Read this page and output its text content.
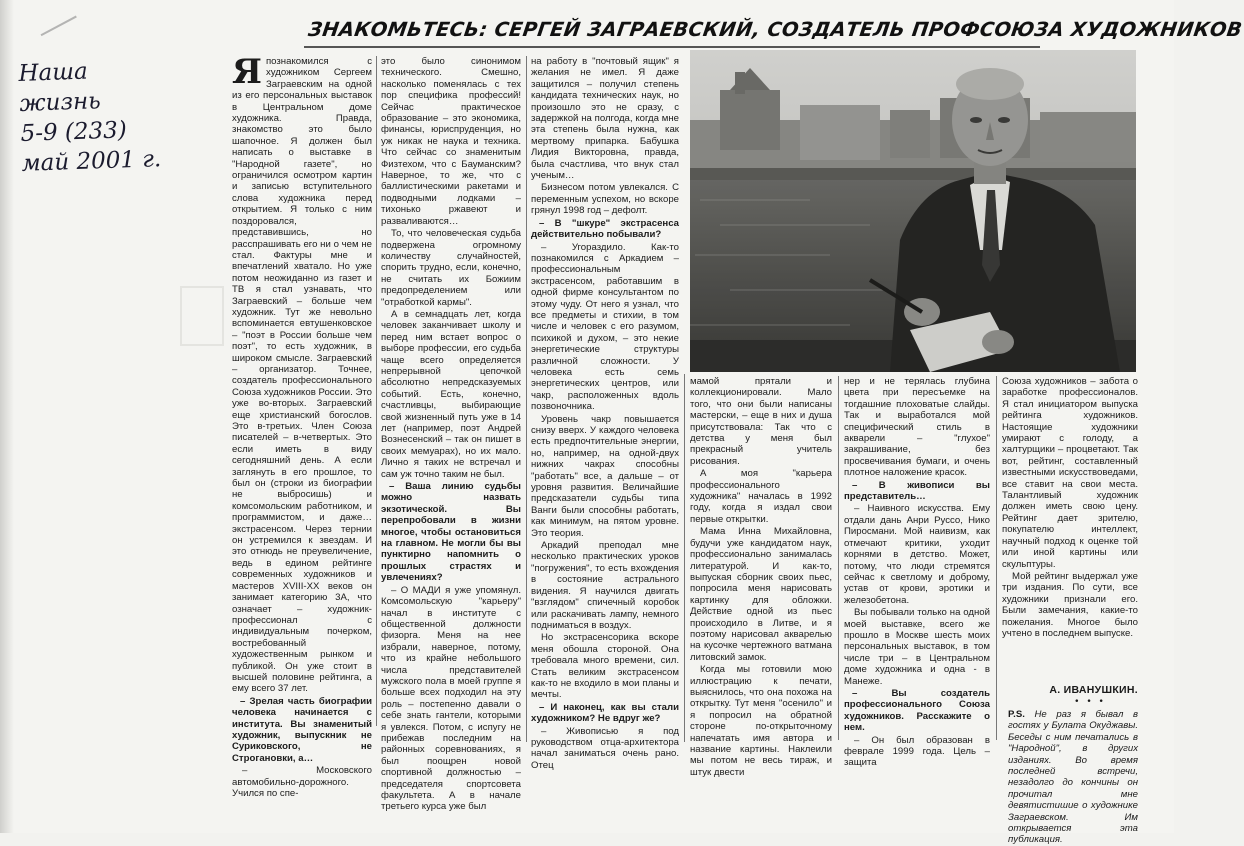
ЗНАКОМЬТЕСЬ: СЕРГЕЙ ЗАГРАЕВСКИЙ, СОЗДАТЕЛЬ ПРОФСОЮЗА ХУДОЖНИКОВ
Наша
жизнь
5-9 (233)
май 2001 г.

Япознакомился с художником Сергеем Заграевским на одной из его персональных выставок в Центральном доме художника. Правда, знакомство это было шапочное. Я должен был написать о выставке в "Народной газете", но ограничился осмотром картин и записью вступительного слова художника перед открытием. Я только с ним поздоровался, представившись, но расспрашивать его ни о чем не стал. Фактуры мне и впечатлений хватало. Но уже потом неожиданно из газет и ТВ я стал узнавать, что Заграевский – больше чем художник. Тут же невольно вспоминается евтушенковское – "поэт в России больше чем поэт", то есть художник, в широком смысле. Заграевский – организатор. Точнее, создатель профессионального Союза художников России. Это уже во-вторых. Заграевский еще христианский богослов. Это в-третьих. Член Союза писателей – в-четвертых. Это если иметь в виду сегодняшний день. А если заглянуть в его прошлое, то был он (строки из биографии не выбросишь) и комсомольским работником, и программистом, и даже… экстрасенсом. Через тернии он устремился к звездам. И это отнюдь не преувеличение, ведь в едином рейтинге современных художников и мастеров XVIII-XX веков он занимает категорию 3А, что означает – художник-профессионал с индивидуальным почерком, востребованный художественным рынком и публикой. Он уже стоит в высшей половине рейтинга, а ему всего 37 лет.

– Зрелая часть биографии человека начинается с института. Вы знаменитый художник, выпускник не Суриковского, не Строгановки, а…

– Московского автомобильно-дорожного. Учился по спе-

это было синонимом технического. Смешно, насколько поменялась с тех пор специфика профессий! Сейчас практическое образование – это экономика, финансы, юриспруденция, но уж никак не наука и техника. Что сейчас со знаменитым Физтехом, что с Бауманским? Наверное, то же, что с баллистическими ракетами и подводными лодками – тихонько ржавеют и разваливаются…

То, что человеческая судьба подвержена огромному количеству случайностей, спорить трудно, если, конечно, не считать их Божиим предопределением или "отработкой кармы".

А в семнадцать лет, когда человек заканчивает школу и перед ним встает вопрос о выборе профессии, его судьба чаще всего определяется непрерывной цепочкой абсолютно непредсказуемых событий. Есть, конечно, счастливцы, выбирающие свой жизненный путь уже в 14 лет (например, поэт Андрей Вознесенский – так он пишет в своих мемуарах), но их мало. Лично я таких не встречал и сам уж точно таким не был.

– Ваша линию судьбы можно назвать экзотической. Вы перепробовали в жизни многое, чтобы остановиться на главном. Не могли бы вы пунктирно напомнить о прошлых страстях и увлечениях?

– О МАДИ я уже упомянул. Комсомольскую "карьеру" начал в институте с общественной должности физорга. Меня на нее избрали, наверное, потому, что из крайне небольшого числа представителей мужского пола в моей группе я больше всех подходил на эту роль – постепенно давали о себе знать гантели, которыми я увлекся. Потом, с иcпугу не прибежав последним на районных соревнованиях, я был поощрен новой спортивной должностью – председателя спортсовета факультета. А в начале третьего курса уже был

на работу в "почтовый ящик" я желания не имел. Я даже защитился – получил степень кандидата технических наук, но произошло это не сразу, с задержкой на полгода, когда мне эта степень была нужна, как мертвому припарка. Бабушка Лидия Викторовна, правда, была счастлива, что внук стал ученым…

Бизнесом потом увлекался. С переменным успехом, но вскоре грянул 1998 год – дефолт.

– В "шкуре" экстрасенса действительно побывали?

– Угораздило. Как-то познакомился с Аркадием – профессиональным экстрасенсом, работавшим в одной фирме консультантом по этому чуду. От него я узнал, что все предметы и стихии, в том числе и человек с его разумом, психикой и духом, – это некие энергетические структуры различной сложности. У человека есть семь энергетических центров, или чакр, расположенных вдоль позвоночника.

Уровень чакр повышается снизу вверх. У каждого человека есть предпочтительные энергии, но, например, на одной-двух нижних чакрах способны "работать" все, а дальше – от уровня развития. Величайшие предсказатели судьбы типа Ванги были способны работать, как минимум, на пятом уровне. Это теория.

Аркадий преподал мне несколько практических уроков "погружения", то есть вхождения в состояние астрального видения. Я научился двигать "взглядом" спичечный коробок или раскачивать лампу, немного подниматься в воздух.

Но экстрасенсорика вскоре меня обошла стороной. Она требовала много времени, сил. Стать великим экстрасенсом как-то не входило в мои планы и мечты.

– И наконец, как вы стали художником? Не вдруг же?

– Живописью я под руководством отца-архитектора начал заниматься очень рано. Отец

мамой прятали и коллекционировали. Мало того, что они были написаны мастерски, – еще в них и душа присутствовала: Так что с детства у меня был прекрасный учитель рисования.

А моя "карьера профессионального художника" началась в 1992 году, когда я издал свои первые открытки.

Мама Инна Михайловна, будучи уже кандидатом наук, профессионально занималась литературой. И как-то, выпуская сборник своих пьес, попросила меня нарисовать картинку для обложки. Действие одной из пьес происходило в Литве, и я поэтому нарисовал акварелью на кусочке чертежного ватмана литовский замок.

Когда мы готовили мою иллюстрацию к печати, выяснилось, что она похожа на открытку. Тут меня "осенило" и я попросил на обратной стороне по-открыточному напечатать имя автора и название картины. Наклеили мы потом не весь тираж, и штук двести

нер и не терялась глубина цвета при пересъемке на тогдашние плоховатые слайды. Так и выработался мой специфический стиль в акварели – "глухое" закрашивание, без просвечивания бумаги, и очень плотное наложение красок.

– В живописи вы представитель…

– Наивного искусства. Ему отдали дань Анри Руссо, Нико Пиросмани. Мой наивизм, как отмечают критики, уходит корнями в детство. Может, потому, что люди стремятся сейчас к светлому и доброму, устав от крови, эротики и железобетона.

Вы побывали только на одной моей выставке, всего же прошло в Москве шесть моих персональных выставок, в том числе три – в Центральном доме художника и одна - в Манеже.

– Вы создатель профессионального Союза художников. Расскажите о нем.

– Он был образован в феврале 1999 года. Цель – защита

Союза художников – забота о заработке профессионалов. Я стал инициатором выпуска рейтинга художников. Настоящие художники умирают с голоду, а халтурщики – процветают. Так вот, рейтинг, составленный известными искусствоведами, все ставит на свои места. Талантливый художник должен иметь свою цену. Рейтинг дает зрителю, покупателю интеллект, научный подход к оценке той или иной картины или скульптуры.

Мой рейтинг выдержал уже три издания. По сути, все художники признали его. Были замечания, какие-то пожелания. Многое было учтено в последнем выпуске.

А. ИВАНУШКИН.
• • •
P.S. Не раз я бывал в гостях у Булата Окуджавы. Беседы с ним печатались в "Народной", в других изданиях. Во время последней встречи, незадолго до кончины он прочитал мне девятистишие о художнике Заграевском. Им открывается эта публикация.
